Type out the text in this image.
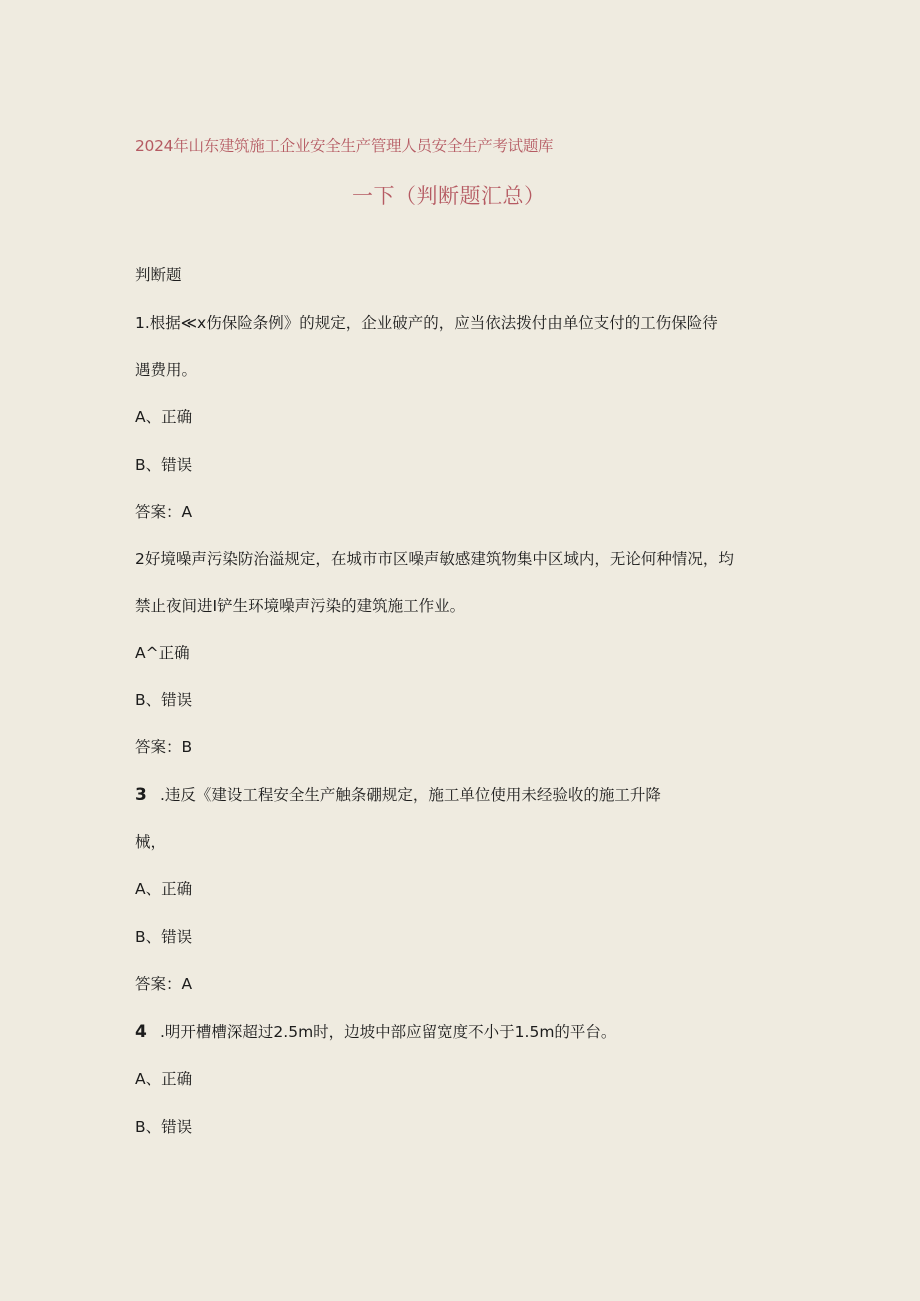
2024年山东建筑施工企业安全生产管理人员安全生产考试题库
一下（判断题汇总）
判断题
1.根据≪x伤保险条例》的规定，企业破产的，应当依法拨付由单位支付的工伤保险待
遇费用。
A、正确
B、错误
答案：A
2好境噪声污染防治溢规定，在城市市区噪声敏感建筑物集中区域内，无论何种情况，均
禁止夜间进I铲生环境噪声污染的建筑施工作业。
A^正确
B、错误
答案：B
3 .违反《建设工程安全生产触条硼规定，施工单位使用未经验收的施工升降
械，
A、正确
B、错误
答案：A
4 .明开槽槽深超过2.5m时，边坡中部应留宽度不小于1.5m的平台。
A、正确
B、错误
